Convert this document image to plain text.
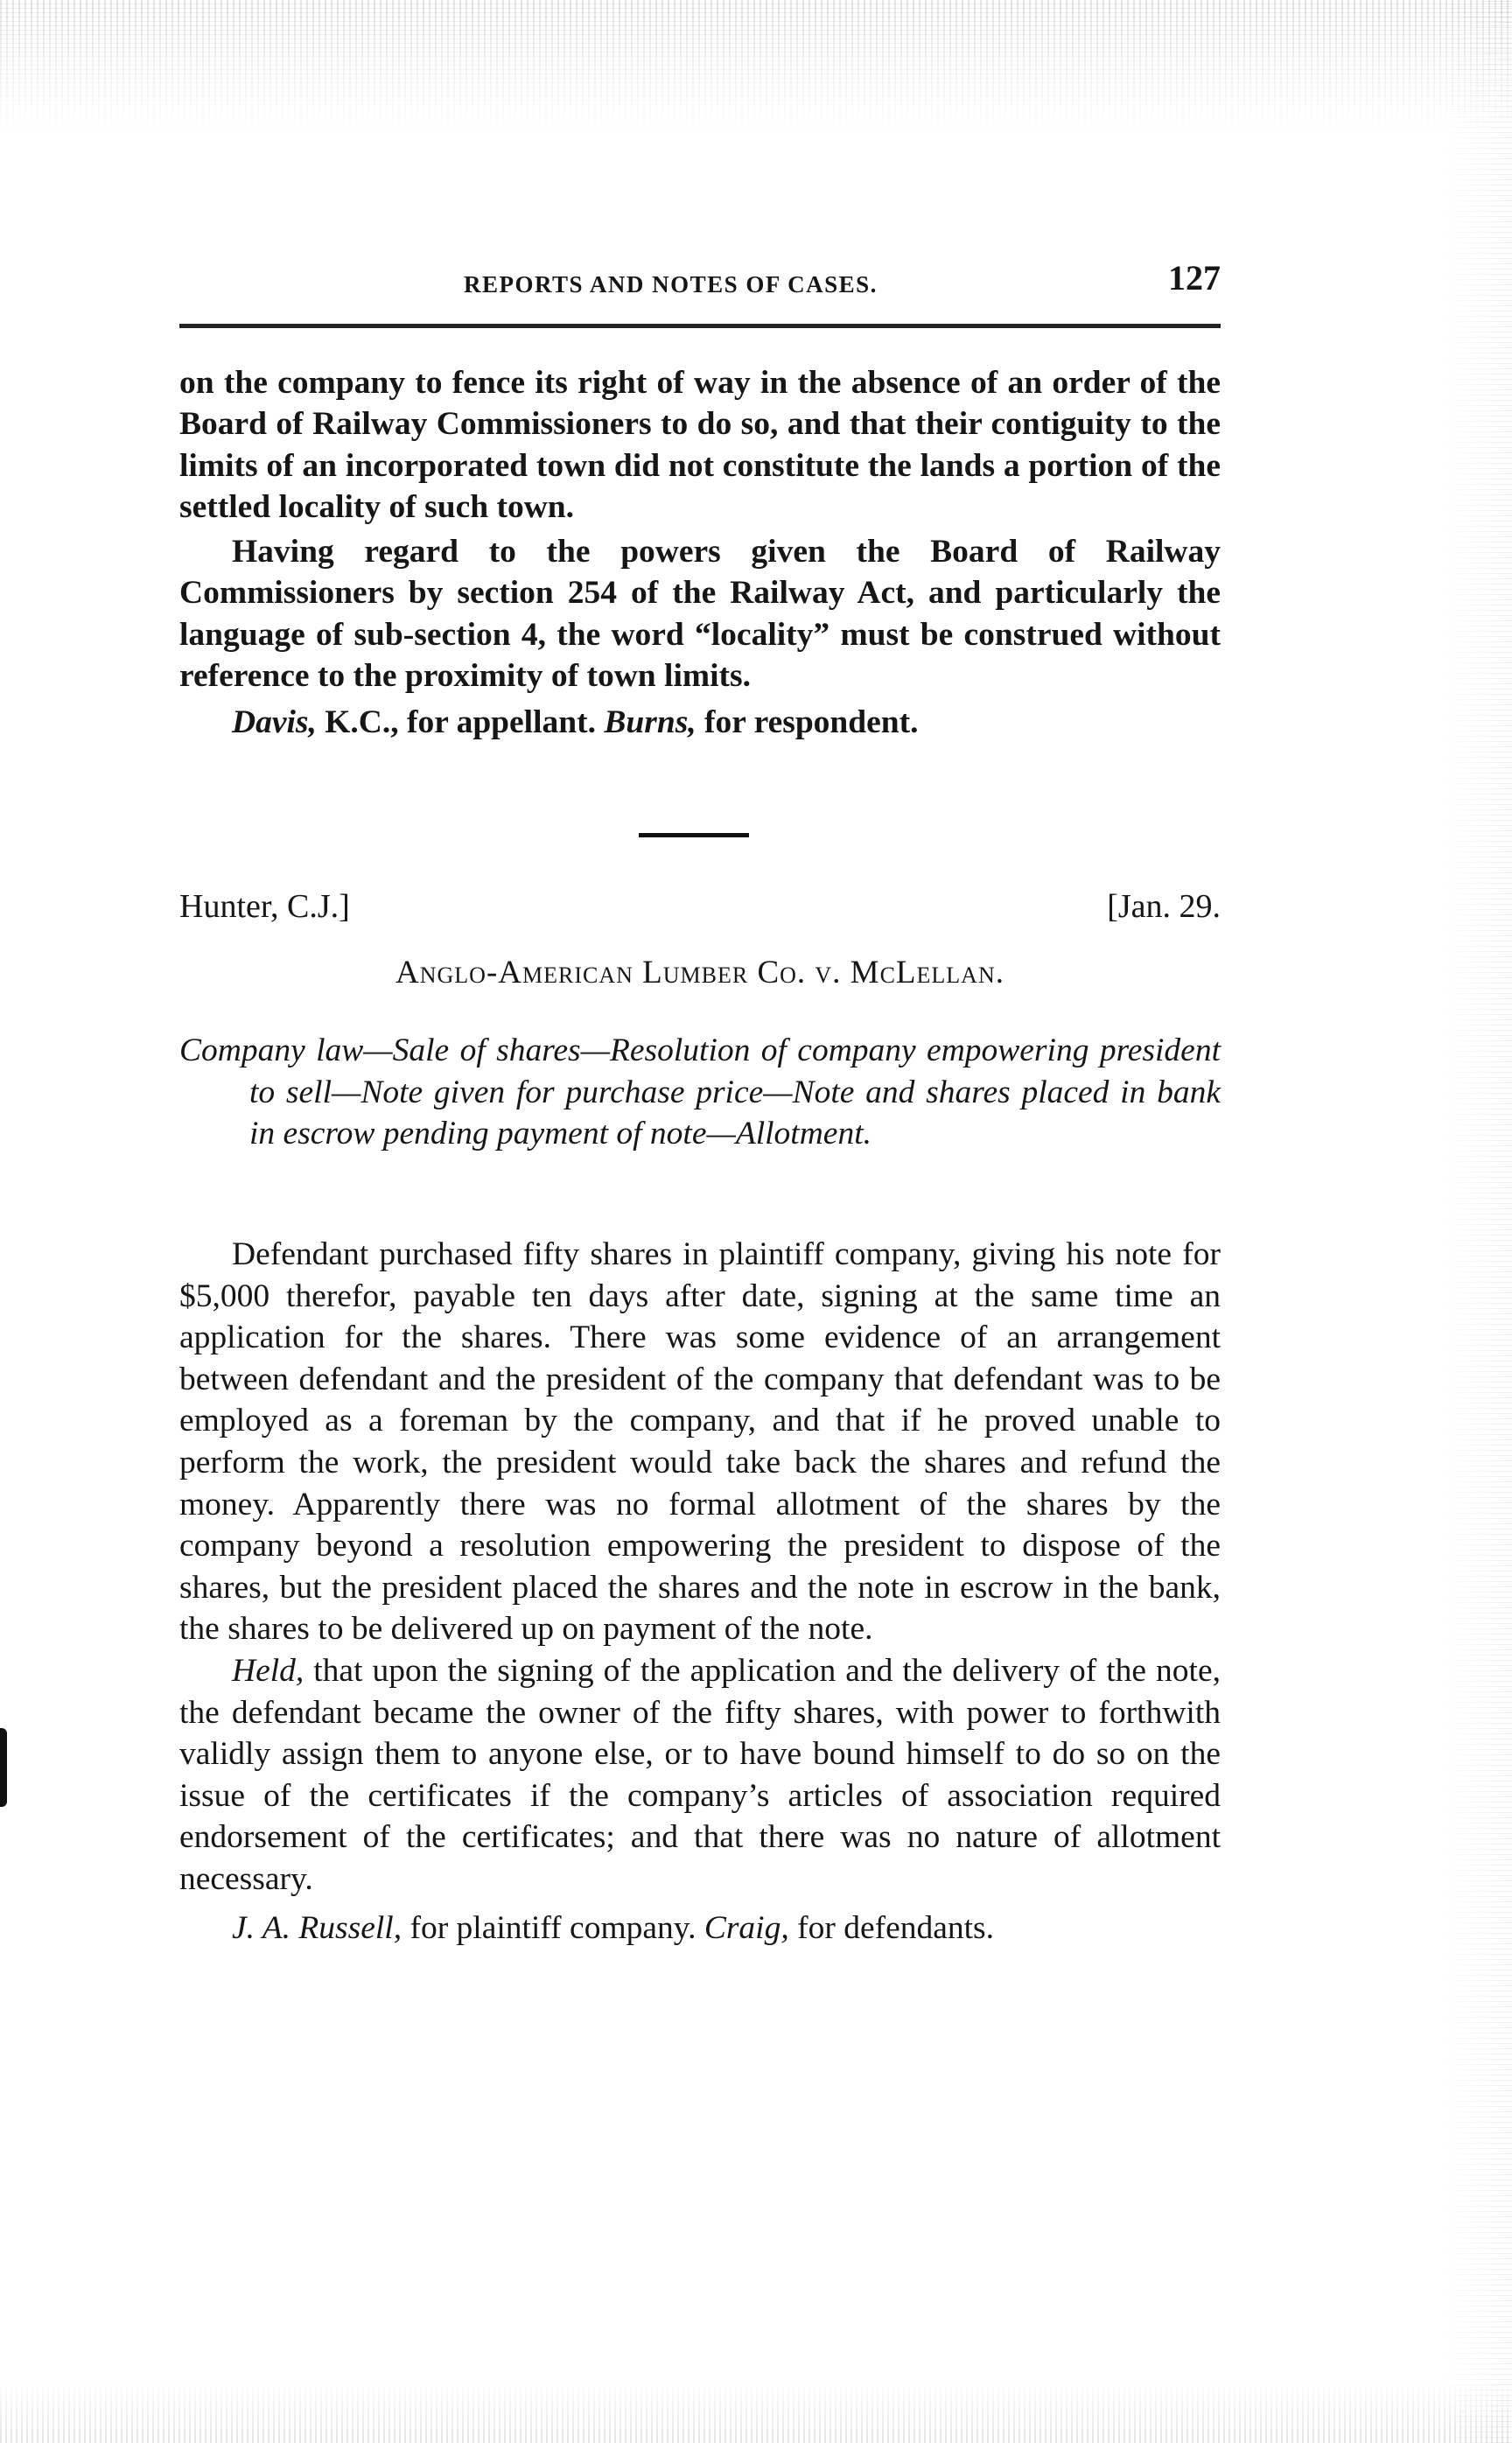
REPORTS AND NOTES OF CASES.	127

on the company to fence its right of way in the absence of an order of the Board of Railway Commissioners to do so, and that their contiguity to the limits of an incorporated town did not constitute the lands a portion of the settled locality of such town.

Having regard to the powers given the Board of Railway Commissioners by section 254 of the Railway Act, and particularly the language of sub-section 4, the word “locality” must be construed without reference to the proximity of town limits.

Davis, K.C., for appellant. Burns, for respondent.

Hunter, C.J.]	[Jan. 29.
Anglo-American Lumber Co. v. McLellan.

Company law—Sale of shares—Resolution of company empowering president to sell—Note given for purchase price—Note and shares placed in bank in escrow pending payment of note—Allotment.

Defendant purchased fifty shares in plaintiff company, giving his note for $5,000 therefor, payable ten days after date, signing at the same time an application for the shares. There was some evidence of an arrangement between defendant and the president of the company that defendant was to be employed as a foreman by the company, and that if he proved unable to perform the work, the president would take back the shares and refund the money. Apparently there was no formal allotment of the shares by the company beyond a resolution empowering the president to dispose of the shares, but the president placed the shares and the note in escrow in the bank, the shares to be delivered up on payment of the note.

Held, that upon the signing of the application and the delivery of the note, the defendant became the owner of the fifty shares, with power to forthwith validly assign them to anyone else, or to have bound himself to do so on the issue of the certificates if the company’s articles of association required endorsement of the certificates; and that there was no nature of allotment necessary.

J. A. Russell, for plaintiff company. Craig, for defendants.
